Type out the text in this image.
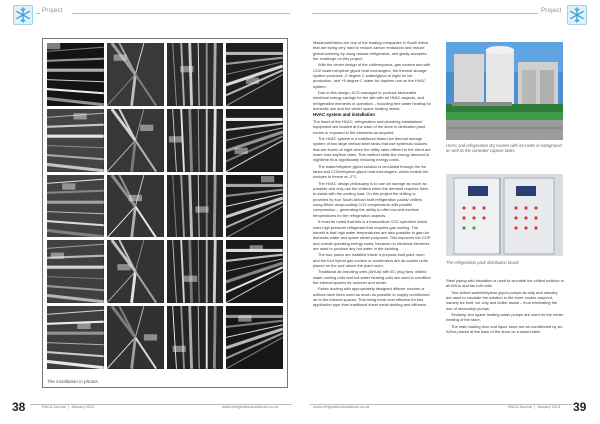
Project
The installation in photos.
38	RACA Journal  |  January 2013	www.refrigerationandaircon.co.za
Project

Massmart/Makro are one of the leading companies in South Africa that are trying very hard to reduce carbon emissions and reduce global warming by using natural refrigerants, and gladly accepted the challenge on this project.

With the clever design of the chillers/packs, gas coolers and with CO2 /water-ethylene glycol heat exchangers, the thermal storage system produces -2 degree C water/glycol at night for ice production, and +5 degree C water for daytime use on the HVAC system.

Due to this design, ACS managed to produce favourable electrical energy savings for the site with all HVAC aspects, and refrigeration elements in operation – including free water heating for domestic use and the winter space heating needs.

HVAC system and installation

The heart of the HVAC, refrigeration and plumbing installations' equipment are located at the back of the store in dedicated plant rooms or exposed to the elements as required.

The HVAC system is a traditional Makro ice thermal storage system of two large vertical steel tanks that use spherical nodules that are frozen at night when the utility rates offered to the client are lower than daytime rates. This method shifts the energy demand to nighttime thus significantly reducing energy costs.

The water/ethylene glycol solution is circulated through the ice tanks and CO2/ethylene glycol heat exchangers, which enable the nodules to freeze at -2°C.

The HVAC design philosophy is to use ice storage as much as possible and only use the chillers when the demand requires them to assist with the cooling load. On this project the chilling is provided by four South African built refrigeration packs/ chillers using Bitzer reciprocating CO2 compressors with parallel compression – generating the ability to offer low and medium temperatures for the refrigeration aspects.

It must be noted that this is a transcritical CO2 operation which uses high pressure refrigerant that requires gas cooling. The benefit is that high water temperatures are also possible to gain for domestic water and space winter purposes. This improves the COP and overall operating energy costs, because no electrical elements are used to produce any hot water in the building.

The four packs are installed inside a purpose-built plant room and the four hybrid gas coolers or condensers are air-cooled units placed on the roof above the plant room.

Traditional air-handling units (AHUs) with EC plug fans, chilled water cooling coils and hot water heating coils are used to condition the internal spaces for summer and winter.

Fabric ducting with appropriately designed diffuser nozzles or orifices have been used as much as possible to supply conditioned air to the internal spaces. This being more cost effective for this application type than traditional sheet metal ducting and diffusers.

HVAC and refrigeration dry coolers with ice tanks in background as well as the rainwater capture tanks.
The refrigeration pack distribution board.

Steel piping with insulation is used to circulate the chilled solution to all AHUs and fan coil units.

Two chilled water/ethylene glycol pumps as duty and standby are used to circulate the solution in the three modes required, namely ice built, ice only and chiller assist – thus eliminating the use of secondary pumps.

Similarly, two space heating water pumps are used for the winter heating of the store.

The main trading floor and liquor store are air-conditioned by six AHUs placed at the back of the store on a raised steel

www.refrigerationandaircon.co.za	RACA Journal  |  January 2013 39
